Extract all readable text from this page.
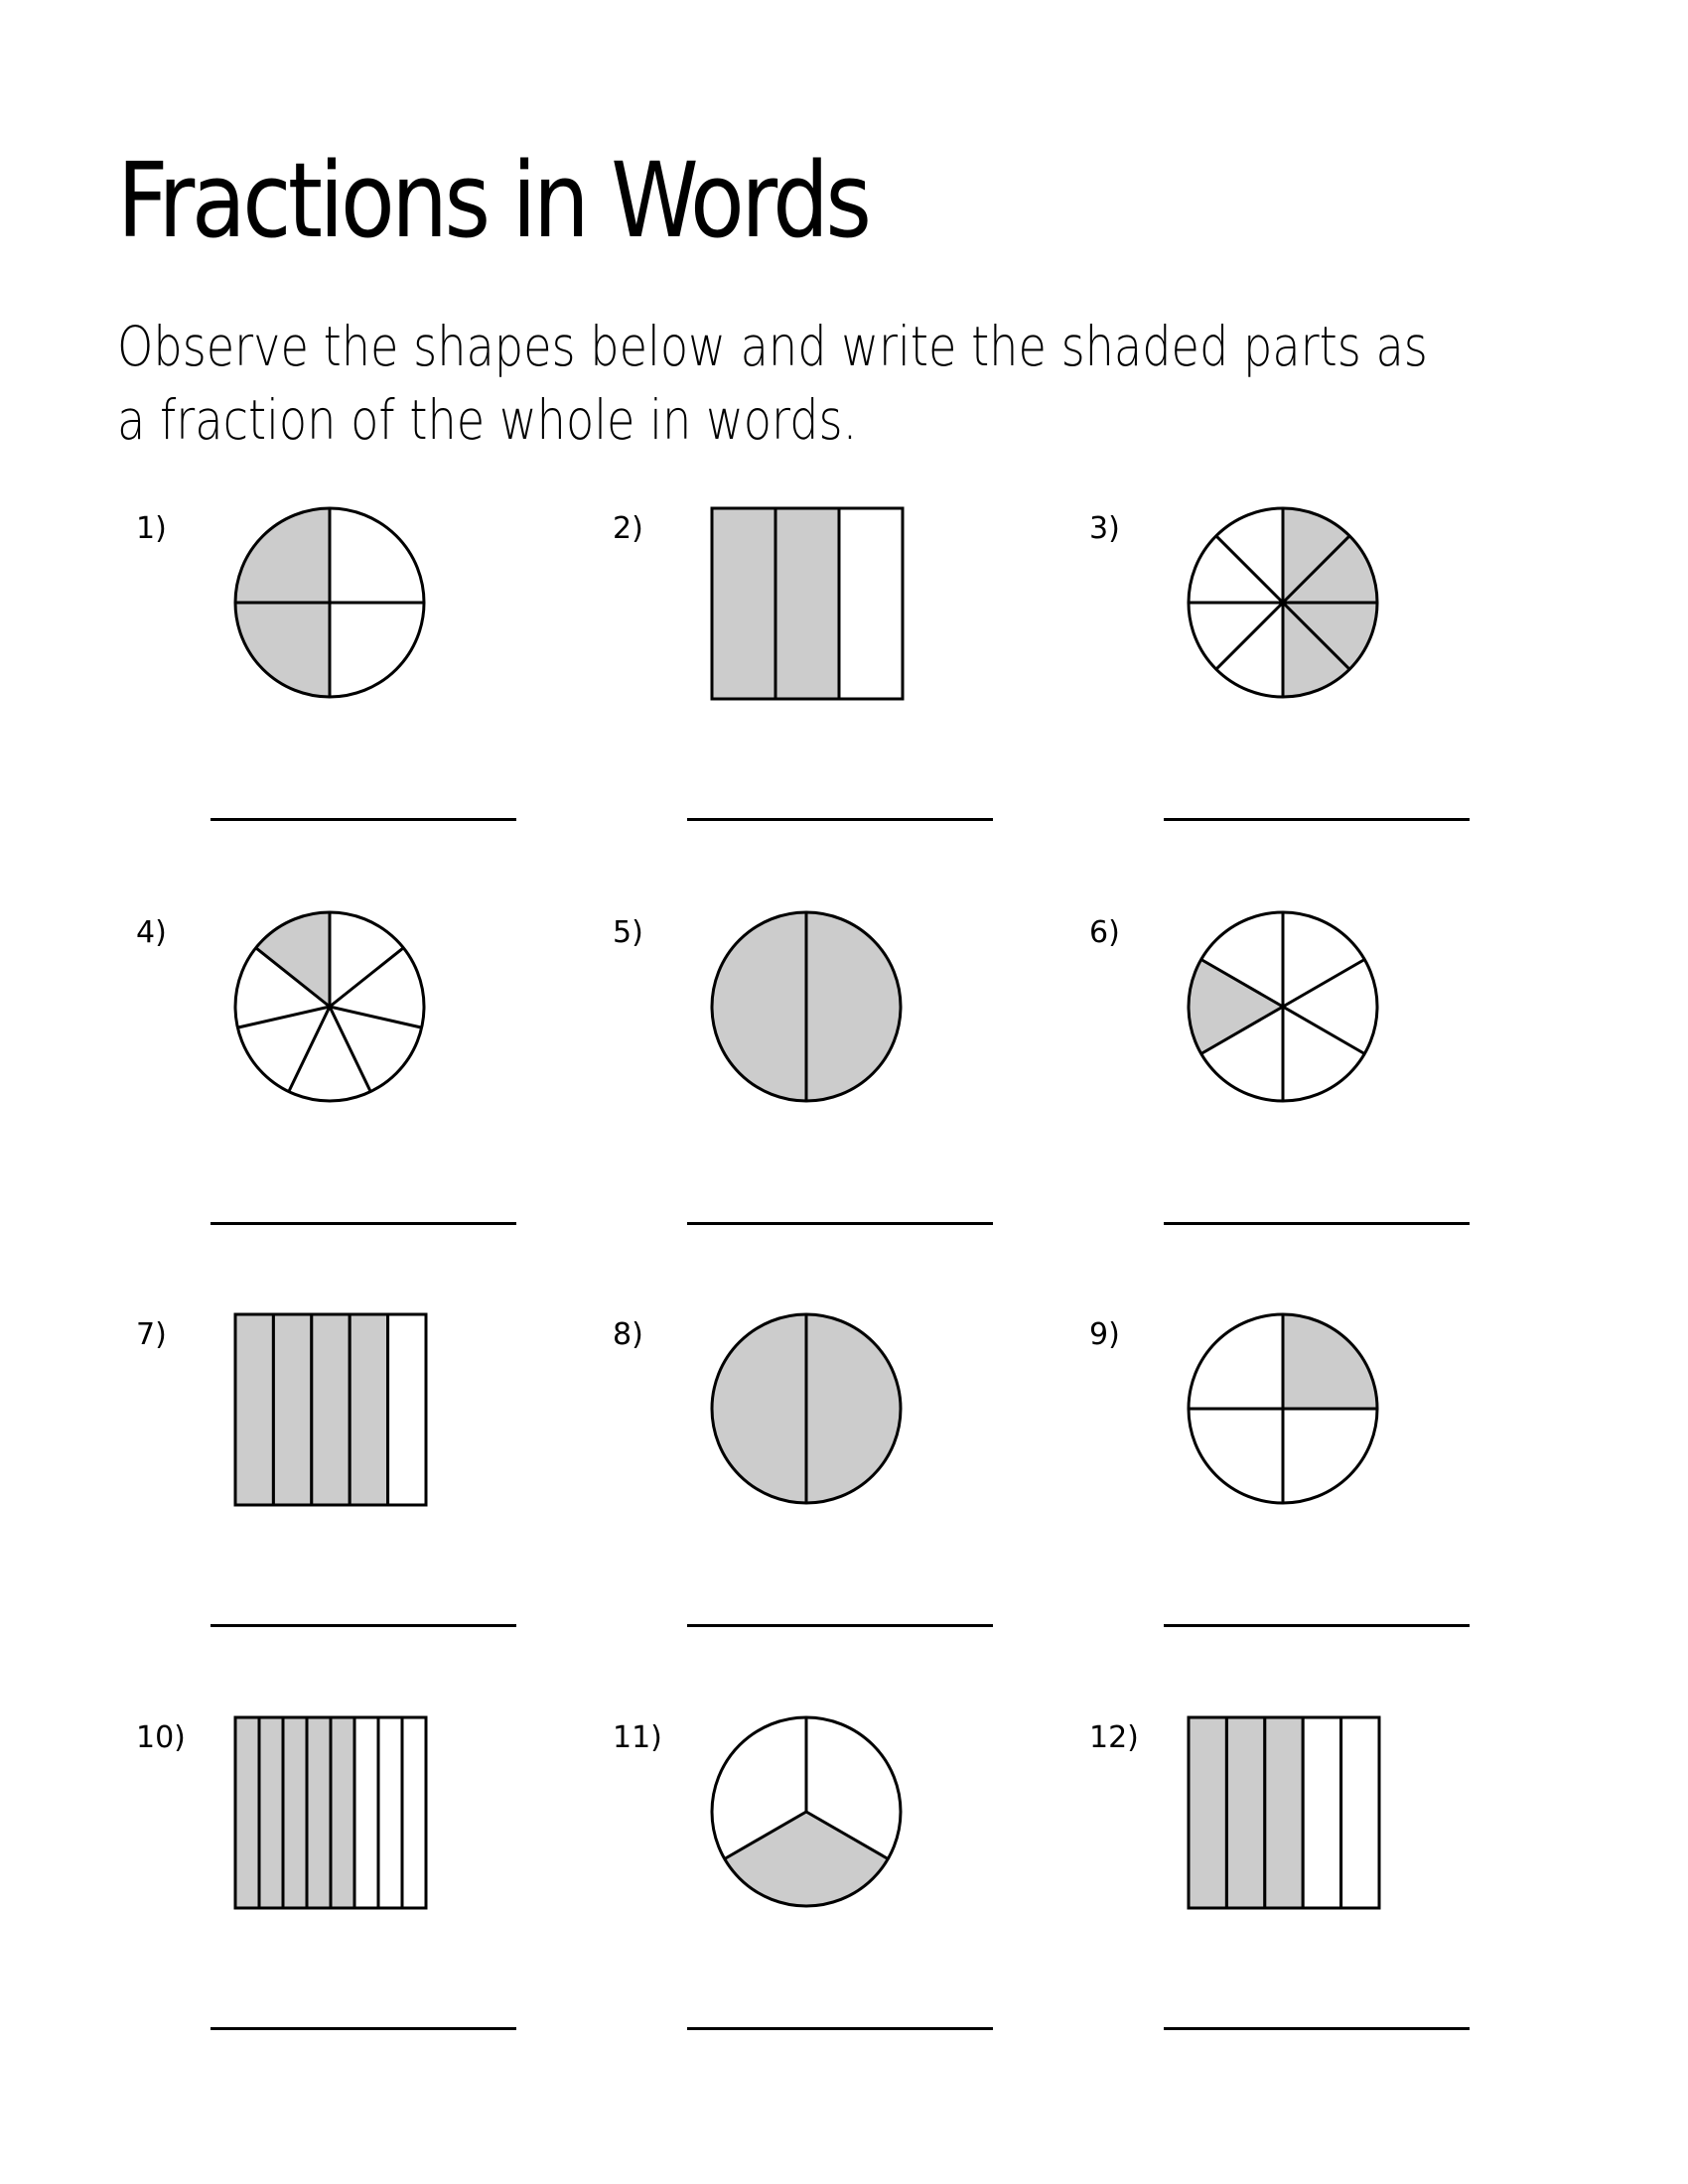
Fractions in Words
Observe the shapes below and write the shaded parts as
a fraction of the whole in words.
1)	2)	3)
4)	5)	6)
7)	8)	9)
10)	11)	12)
